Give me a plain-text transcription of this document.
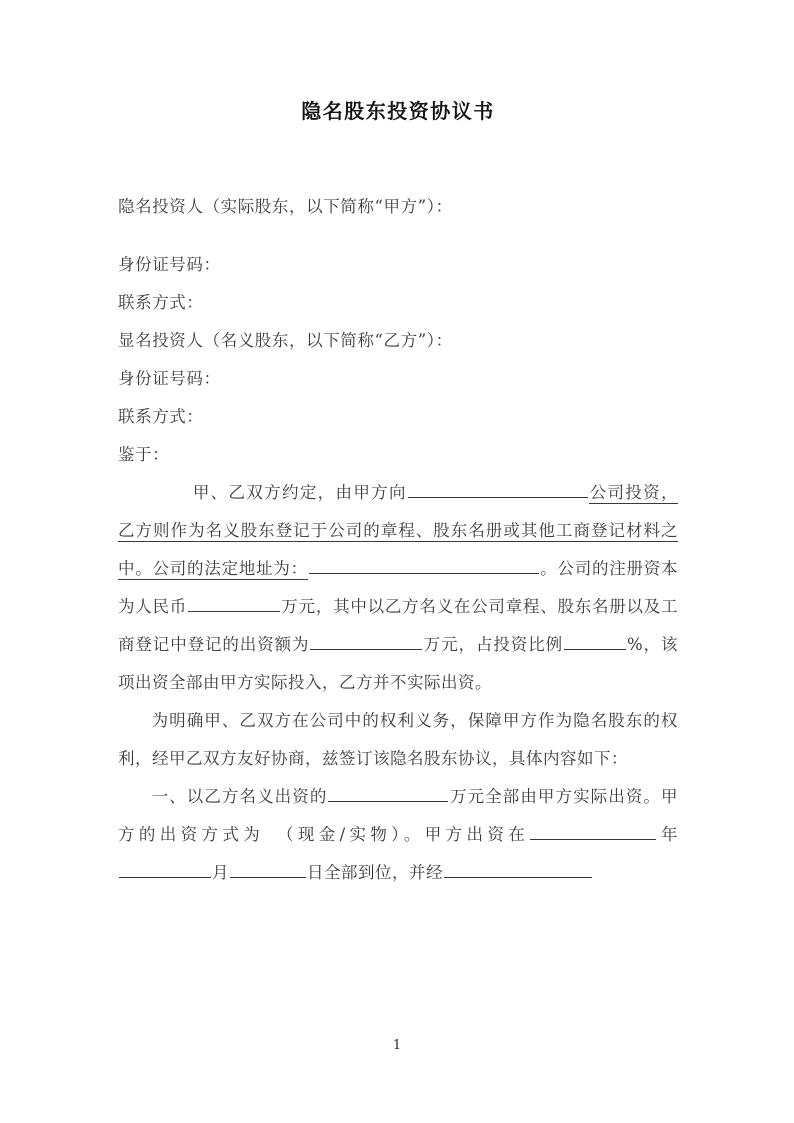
隐名股东投资协议书
隐名投资人（实际股东，以下简称“甲方”）：
身份证号码：
联系方式：
显名投资人（名义股东，以下简称“乙方”）：
身份证号码：
联系方式：
鉴于：

甲、乙双方约定，由甲方向	公司投资，乙方则作为名义股东登记于公司的章程、股东名册或其他工商登记材料之中。公司的法定地址为：	。公司的注册资本为人民币	万元，其中以乙方名义在公司章程、股东名册以及工商登记中登记的出资额为	万元，占投资比例	%，该项出资全部由甲方实际投入，乙方并不实际出资。

为明确甲、乙双方在公司中的权利义务，保障甲方作为隐名股东的权利，经甲乙双方友好协商，兹签订该隐名股东协议，具体内容如下：

一、以乙方名义出资的	万元全部由甲方实际出资。甲方的出资方式为 （现金/实物）。甲方出资在	年月	日全部到位，并经

1
